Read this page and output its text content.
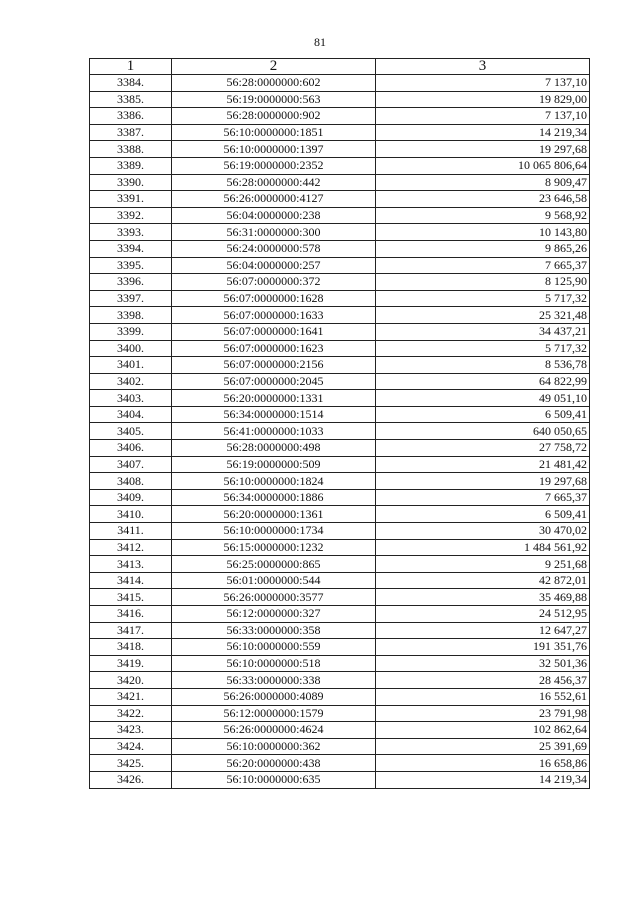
81
1	2	3
3384.	56:28:0000000:602	7 137,10
3385.	56:19:0000000:563	19 829,00
3386.	56:28:0000000:902	7 137,10
3387.	56:10:0000000:1851	14 219,34
3388.	56:10:0000000:1397	19 297,68
3389.	56:19:0000000:2352	10 065 806,64
3390.	56:28:0000000:442	8 909,47
3391.	56:26:0000000:4127	23 646,58
3392.	56:04:0000000:238	9 568,92
3393.	56:31:0000000:300	10 143,80
3394.	56:24:0000000:578	9 865,26
3395.	56:04:0000000:257	7 665,37
3396.	56:07:0000000:372	8 125,90
3397.	56:07:0000000:1628	5 717,32
3398.	56:07:0000000:1633	25 321,48
3399.	56:07:0000000:1641	34 437,21
3400.	56:07:0000000:1623	5 717,32
3401.	56:07:0000000:2156	8 536,78
3402.	56:07:0000000:2045	64 822,99
3403.	56:20:0000000:1331	49 051,10
3404.	56:34:0000000:1514	6 509,41
3405.	56:41:0000000:1033	640 050,65
3406.	56:28:0000000:498	27 758,72
3407.	56:19:0000000:509	21 481,42
3408.	56:10:0000000:1824	19 297,68
3409.	56:34:0000000:1886	7 665,37
3410.	56:20:0000000:1361	6 509,41
3411.	56:10:0000000:1734	30 470,02
3412.	56:15:0000000:1232	1 484 561,92
3413.	56:25:0000000:865	9 251,68
3414.	56:01:0000000:544	42 872,01
3415.	56:26:0000000:3577	35 469,88
3416.	56:12:0000000:327	24 512,95
3417.	56:33:0000000:358	12 647,27
3418.	56:10:0000000:559	191 351,76
3419.	56:10:0000000:518	32 501,36
3420.	56:33:0000000:338	28 456,37
3421.	56:26:0000000:4089	16 552,61
3422.	56:12:0000000:1579	23 791,98
3423.	56:26:0000000:4624	102 862,64
3424.	56:10:0000000:362	25 391,69
3425.	56:20:0000000:438	16 658,86
3426.	56:10:0000000:635	14 219,34
